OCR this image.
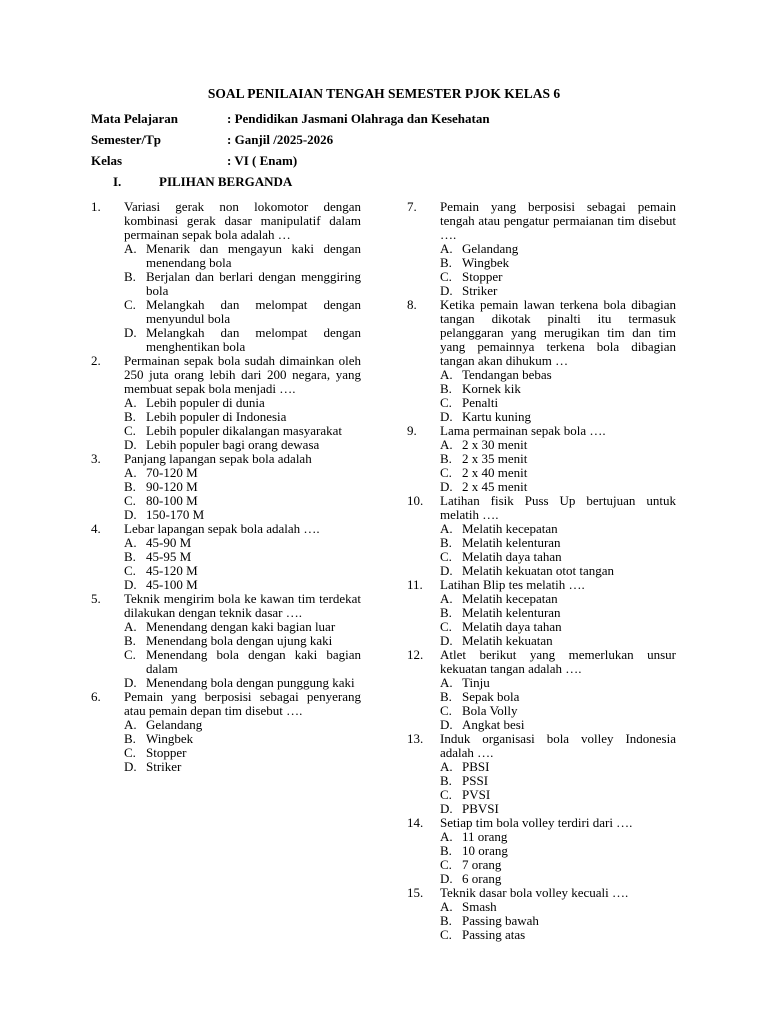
SOAL PENILAIAN TENGAH SEMESTER PJOK KELAS 6
Mata Pelajaran	: Pendidikan Jasmani Olahraga dan Kesehatan
Semester/Tp	: Ganjil /2025-2026
Kelas	: VI ( Enam)
I.	PILIHAN BERGANDA
1.	Variasi gerak non lokomotor dengan kombinasi gerak dasar manipulatif dalam permainan sepak bola adalah …
A. Menarik dan mengayun kaki dengan menendang bola
B. Berjalan dan berlari dengan menggiring bola
C. Melangkah dan melompat dengan menyundul bola
D. Melangkah dan melompat dengan menghentikan bola
2.	Permainan sepak bola sudah dimainkan oleh 250 juta orang lebih dari 200 negara, yang membuat sepak bola menjadi ….
A. Lebih populer di dunia
B. Lebih populer di Indonesia
C. Lebih populer dikalangan masyarakat
D. Lebih populer bagi orang dewasa
3.	Panjang lapangan sepak bola adalah
A. 70-120 M
B. 90-120 M
C. 80-100 M
D. 150-170 M
4.	Lebar lapangan sepak bola adalah ….
A. 45-90 M
B. 45-95 M
C. 45-120 M
D. 45-100 M
5.	Teknik mengirim bola ke kawan tim terdekat dilakukan dengan teknik dasar ….
A. Menendang dengan kaki bagian luar
B. Menendang bola dengan ujung kaki
C. Menendang bola dengan kaki bagian dalam
D. Menendang bola dengan punggung kaki
6.	Pemain yang berposisi sebagai penyerang atau pemain depan tim disebut ….
A. Gelandang
B. Wingbek
C. Stopper
D. Striker
7.	Pemain yang berposisi sebagai pemain tengah atau pengatur permaianan tim disebut ….
A. Gelandang
B. Wingbek
C. Stopper
D. Striker
8.	Ketika pemain lawan terkena bola dibagian tangan dikotak pinalti itu termasuk pelanggaran yang merugikan tim dan tim yang pemainnya terkena bola dibagian tangan akan dihukum …
A. Tendangan bebas
B. Kornek kik
C. Penalti
D. Kartu kuning
9.	Lama permainan sepak bola ….
A. 2 x 30 menit
B. 2 x 35 menit
C. 2 x 40 menit
D. 2 x 45 menit
10.	Latihan fisik Puss Up bertujuan untuk melatih ….
A. Melatih kecepatan
B. Melatih kelenturan
C. Melatih daya tahan
D. Melatih kekuatan otot tangan
11.	Latihan Blip tes melatih ….
A. Melatih kecepatan
B. Melatih kelenturan
C. Melatih daya tahan
D. Melatih kekuatan
12.	Atlet berikut yang memerlukan unsur kekuatan tangan adalah ….
A. Tinju
B. Sepak bola
C. Bola Volly
D. Angkat besi
13.	Induk organisasi bola volley Indonesia adalah ….
A. PBSI
B. PSSI
C. PVSI
D. PBVSI
14.	Setiap tim bola volley terdiri dari ….
A. 11 orang
B. 10 orang
C. 7 orang
D. 6 orang
15.	Teknik dasar bola volley kecuali ….
A. Smash
B. Passing bawah
C. Passing atas
